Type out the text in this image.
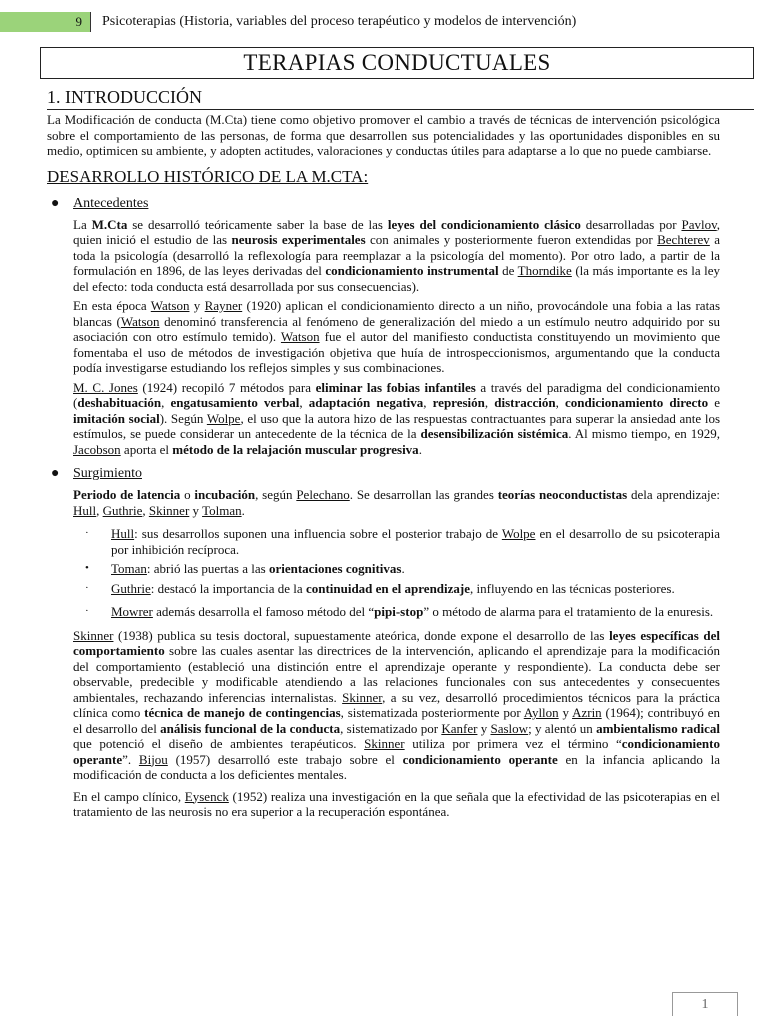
9	Psicoterapias (Historia, variables del proceso terapéutico y modelos de intervención)
TERAPIAS CONDUCTUALES
1. INTRODUCCIÓN

La Modificación de conducta (M.Cta) tiene como objetivo promover el cambio a través de técnicas de intervención psicológica sobre el comportamiento de las personas, de forma que desarrollen sus potencialidades y las oportunidades disponibles en su medio, optimicen su ambiente, y adopten actitudes, valoraciones y conductas útiles para adaptarse a lo que no puede cambiarse.

DESARROLLO HISTÓRICO DE LA M.CTA:
● Antecedentes

La M.Cta se desarrolló teóricamente saber la base de las leyes del condicionamiento clásico desarrolladas por Pavlov, quien inició el estudio de las neurosis experimentales con animales y posteriormente fueron extendidas por Bechterev a toda la psicología (desarrolló la reflexología para reemplazar a la psicología del momento). Por otro lado, a partir de la formulación en 1896, de las leyes derivadas del condicionamiento instrumental de Thorndike (la más importante es la ley del efecto: toda conducta está desarrollada por sus consecuencias).

En esta época Watson y Rayner (1920) aplican el condicionamiento directo a un niño, provocándole una fobia a las ratas blancas (Watson denominó transferencia al fenómeno de generalización del miedo a un estímulo neutro adquirido por su asociación con otro estímulo temido). Watson fue el autor del manifiesto conductista constituyendo un movimiento que fomentaba el uso de métodos de investigación objetiva que huía de introspeccionismos, argumentando que la conducta podía investigarse estudiando los reflejos simples y sus combinaciones.

M. C. Jones (1924) recopiló 7 métodos para eliminar las fobias infantiles a través del paradigma del condicionamiento (deshabituación, engatusamiento verbal, adaptación negativa, represión, distracción, condicionamiento directo e imitación social). Según Wolpe, el uso que la autora hizo de las respuestas contractuantes para superar la ansiedad ante los estímulos, se puede considerar un antecedente de la técnica de la desensibilización sistémica. Al mismo tiempo, en 1929, Jacobson aporta el método de la relajación muscular progresiva.

● Surgimiento

Periodo de latencia o incubación, según Pelechano. Se desarrollan las grandes teorías neoconductistas dela aprendizaje: Hull, Guthrie, Skinner y Tolman.

· Hull: sus desarrollos suponen una influencia sobre el posterior trabajo de Wolpe en el desarrollo de su psicoterapia por inhibición recíproca.

• Toman: abrió las puertas a las orientaciones cognitivas.

· Guthrie: destacó la importancia de la continuidad en el aprendizaje, influyendo en las técnicas posteriores.

· Mowrer además desarrolla el famoso método del “pipi-stop” o método de alarma para el tratamiento de la enuresis.

Skinner (1938) publica su tesis doctoral, supuestamente ateórica, donde expone el desarrollo de las leyes específicas del comportamiento sobre las cuales asentar las directrices de la intervención, aplicando el aprendizaje para la modificación del comportamiento (estableció una distinción entre el aprendizaje operante y respondiente). La conducta debe ser observable, predecible y modificable atendiendo a las relaciones funcionales con sus antecedentes y consecuentes ambientales, rechazando inferencias internalistas. Skinner, a su vez, desarrolló procedimientos técnicos para la práctica clínica como técnica de manejo de contingencias, sistematizada posteriormente por Ayllon y Azrin (1964); contribuyó en el desarrollo del análisis funcional de la conducta, sistematizado por Kanfer y Saslow; y alentó un ambientalismo radical que potenció el diseño de ambientes terapéuticos. Skinner utiliza por primera vez el término “condicionamiento operante”. Bijou (1957) desarrolló este trabajo sobre el condicionamiento operante en la infancia aplicando la modificación de conducta a los deficientes mentales.

En el campo clínico, Eysenck (1952) realiza una investigación en la que señala que la efectividad de las psicoterapias en el tratamiento de las neurosis no era superior a la recuperación espontánea.

1
